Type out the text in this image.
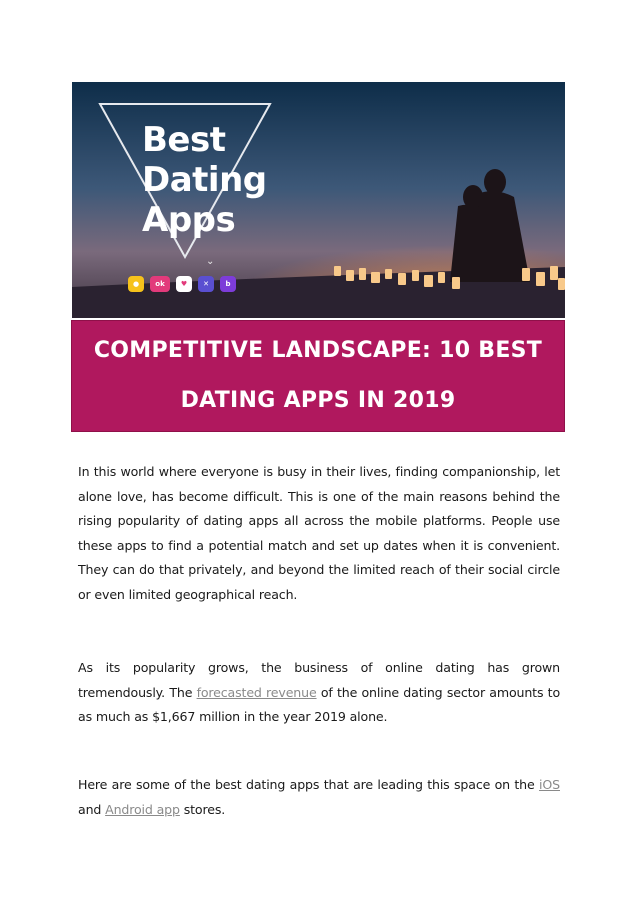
Best
Dating
Apps
⌄
● ok ♥ ✕ b
COMPETITIVE LANDSCAPE: 10 BEST
DATING APPS IN 2019
In this world where everyone is busy in their lives, finding companionship, let alone love, has become difficult. This is one of the main reasons behind the rising popularity of dating apps all across the mobile platforms. People use these apps to find a potential match and set up dates when it is convenient. They can do that privately, and beyond the limited reach of their social circle or even limited geographical reach.
As its popularity grows, the business of online dating has grown tremendously. The forecasted revenue of the online dating sector amounts to as much as $1,667 million in the year 2019 alone.
Here are some of the best dating apps that are leading this space on the iOS and Android app stores.
